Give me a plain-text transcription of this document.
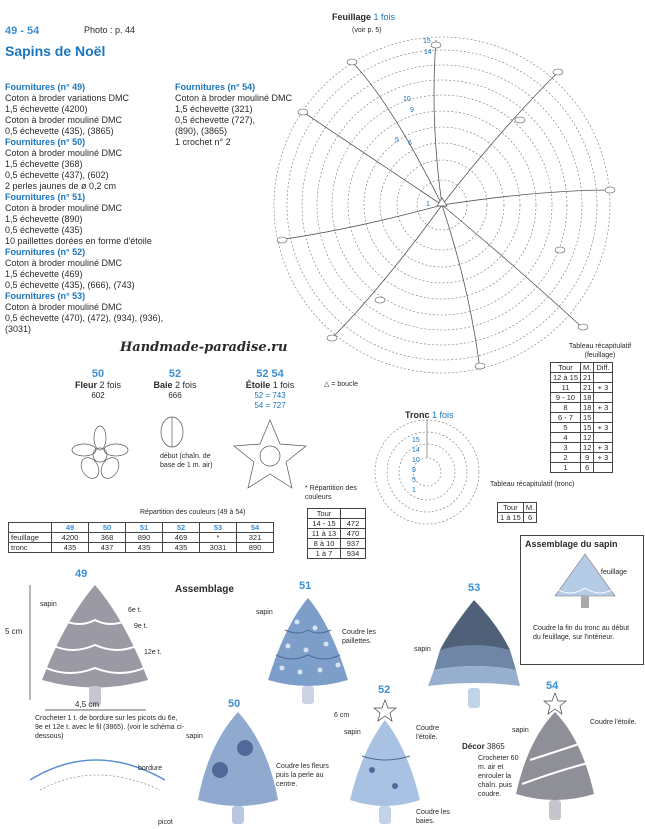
49 - 54	Photo : p. 44
Sapins de Noël
Fournitures (n° 49)
Coton à broder variations DMC
1,5 échevette (4200)
Coton à broder mouliné DMC
0,5 échevette (435), (3865)
Fournitures (n° 50)
Coton à broder mouliné DMC
1,5 échevette (368)
0,5 échevette (437), (602)
2 perles jaunes de ø 0,2 cm
Fournitures (n° 51)
Coton à broder mouliné DMC
1,5 échevette (890)
0,5 échevette (435)
10 paillettes dorées en forme d'étoile
Fournitures (n° 52)
Coton à broder mouliné DMC
1,5 échevette (469)
0,5 échevette (435), (666), (743)
Fournitures (n° 53)
Coton à broder mouliné DMC
0,5 échevette (470), (472), (934), (936),
(3031)
Fournitures (n° 54)
Coton à broder mouliné DMC
1,5 échevette (321)
0,5 échevette (727),
(890), (3865)
1 crochet n° 2
Feuillage 1 fois
(voir p. 5)
15
14
10
9
6
5
1
Handmade-paradise.ru
△ = boucle
50
Fleur 2 fois
602
52
Baie 2 fois
666
début (chaîn. de base de 1 m. air)
52 54
Étoile 1 fois
52 = 743
54 = 727
Tronc 1 fois
15
14
10
9
5
1
Tableau récapitulatif (feuillage)
Tour	M.	Diff.
12 à 15	21	
11	21	+ 3
9 - 10	18	
8	18	+ 3
6 - 7	15	
5	15	+ 3
4	12	
3	12	+ 3
2	9	+ 3
1	6	
Tableau récapitulatif (tronc)
Tour	M.
1 à 15	6
Répartition des couleurs (49 à 54)
	49	50	51	52	53	54
feuillage	4200	368	890	469	*	321
tronc	435	437	435	435	3031	890
* Répartition des couleurs
Tour	
14 - 15	472
11 à 13	470
8 à 10	937
1 à 7	934
Assemblage du sapin
feuillage
Coudre la fin du tronc au début du feuillage, sur l'intérieur.
Assemblage
49
sapin
6e t.
9e t.
12e t.
5 cm
4,5 cm
Crocheter 1 t. de bordure sur les picots du 6e, 9e et 12e t. avec le fil (3865). (voir le schéma ci-dessous)
bordure
picot
51
sapin
Coudre les paillettes.
53
sapin
50
sapin
Coudre les fleurs puis la perle au centre.
52
6 cm
sapin
Coudre l'étoile.
Coudre les baies.
54
sapin
Coudre l'étoile.
Décor 3865
Crocheter 60 m. air et enrouler la chaîn. puis coudre.
